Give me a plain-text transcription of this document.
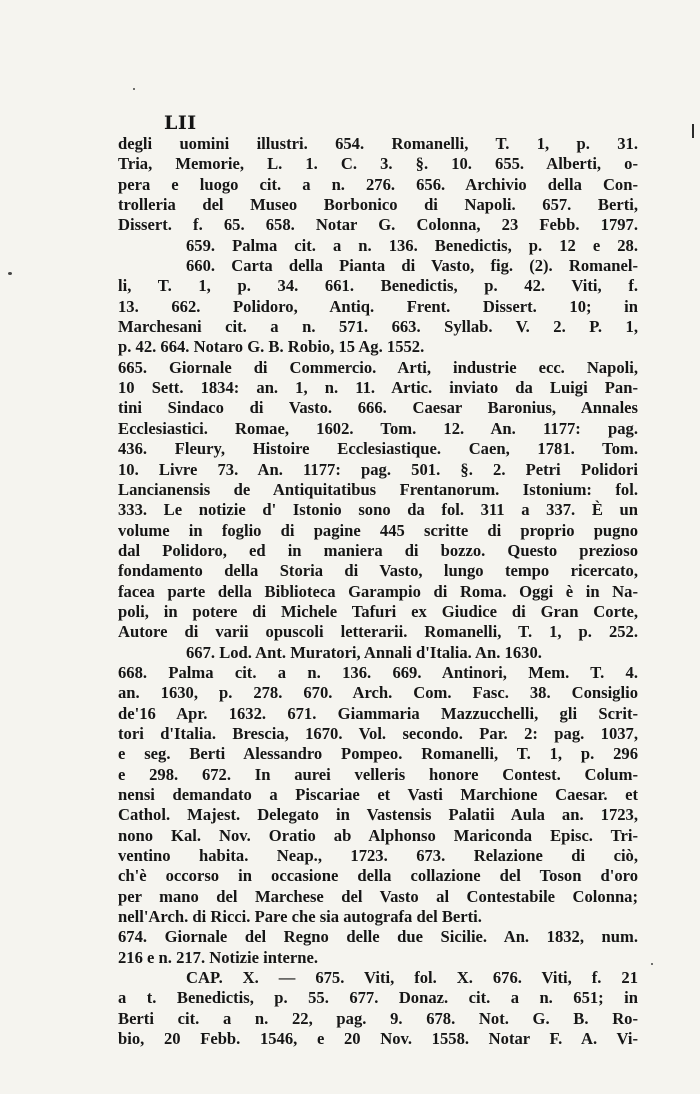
LII
degli uomini illustri. 654. Romanelli, T. 1, p. 31.
Tria, Memorie, L. 1. C. 3. §. 10. 655. Alberti, o-
pera e luogo cit. a n. 276. 656. Archivio della Con-
trolleria del Museo Borbonico di Napoli. 657. Berti,
Dissert. f. 65. 658. Notar G. Colonna, 23 Febb. 1797.
659. Palma cit. a n. 136. Benedictis, p. 12 e 28.
660. Carta della Pianta di Vasto, fig. (2). Romanel-
li, T. 1, p. 34. 661. Benedictis, p. 42. Viti, f.
13. 662. Polidoro, Antiq. Frent. Dissert. 10; in
Marchesani cit. a n. 571. 663. Syllab. V. 2. P. 1,
p. 42. 664. Notaro G. B. Robio, 15 Ag. 1552.
665. Giornale di Commercio. Arti, industrie ecc. Napoli,
10 Sett. 1834: an. 1, n. 11. Artic. inviato da Luigi Pan-
tini Sindaco di Vasto. 666. Caesar Baronius, Annales
Ecclesiastici. Romae, 1602. Tom. 12. An. 1177: pag.
436. Fleury, Histoire Ecclesiastique. Caen, 1781. Tom.
10. Livre 73. An. 1177: pag. 501. §. 2. Petri Polidori
Lancianensis de Antiquitatibus Frentanorum. Istonium: fol.
333. Le notizie d' Istonio sono da fol. 311 a 337. È un
volume in foglio di pagine 445 scritte di proprio pugno
dal Polidoro, ed in maniera di bozzo. Questo prezioso
fondamento della Storia di Vasto, lungo tempo ricercato,
facea parte della Biblioteca Garampio di Roma. Oggi è in Na-
poli, in potere di Michele Tafuri ex Giudice di Gran Corte,
Autore di varii opuscoli letterarii. Romanelli, T. 1, p. 252.
667. Lod. Ant. Muratori, Annali d'Italia. An. 1630.
668. Palma cit. a n. 136. 669. Antinori, Mem. T. 4.
an. 1630, p. 278. 670. Arch. Com. Fasc. 38. Consiglio
de'16 Apr. 1632. 671. Giammaria Mazzucchelli, gli Scrit-
tori d'Italia. Brescia, 1670. Vol. secondo. Par. 2: pag. 1037,
e seg. Berti Alessandro Pompeo. Romanelli, T. 1, p. 296
e 298. 672. In aurei velleris honore Contest. Colum-
nensi demandato a Piscariae et Vasti Marchione Caesar. et
Cathol. Majest. Delegato in Vastensis Palatii Aula an. 1723,
nono Kal. Nov. Oratio ab Alphonso Mariconda Episc. Tri-
ventino habita. Neap., 1723. 673. Relazione di ciò,
ch'è occorso in occasione della collazione del Toson d'oro
per mano del Marchese del Vasto al Contestabile Colonna;
nell'Arch. di Ricci. Pare che sia autografa del Berti.
674. Giornale del Regno delle due Sicilie. An. 1832, num.
216 e n. 217. Notizie interne.
CAP. X. — 675. Viti, fol. X. 676. Viti, f. 21
a t. Benedictis, p. 55. 677. Donaz. cit. a n. 651; in
Berti cit. a n. 22, pag. 9. 678. Not. G. B. Ro-
bio, 20 Febb. 1546, e 20 Nov. 1558. Notar F. A. Vi-
